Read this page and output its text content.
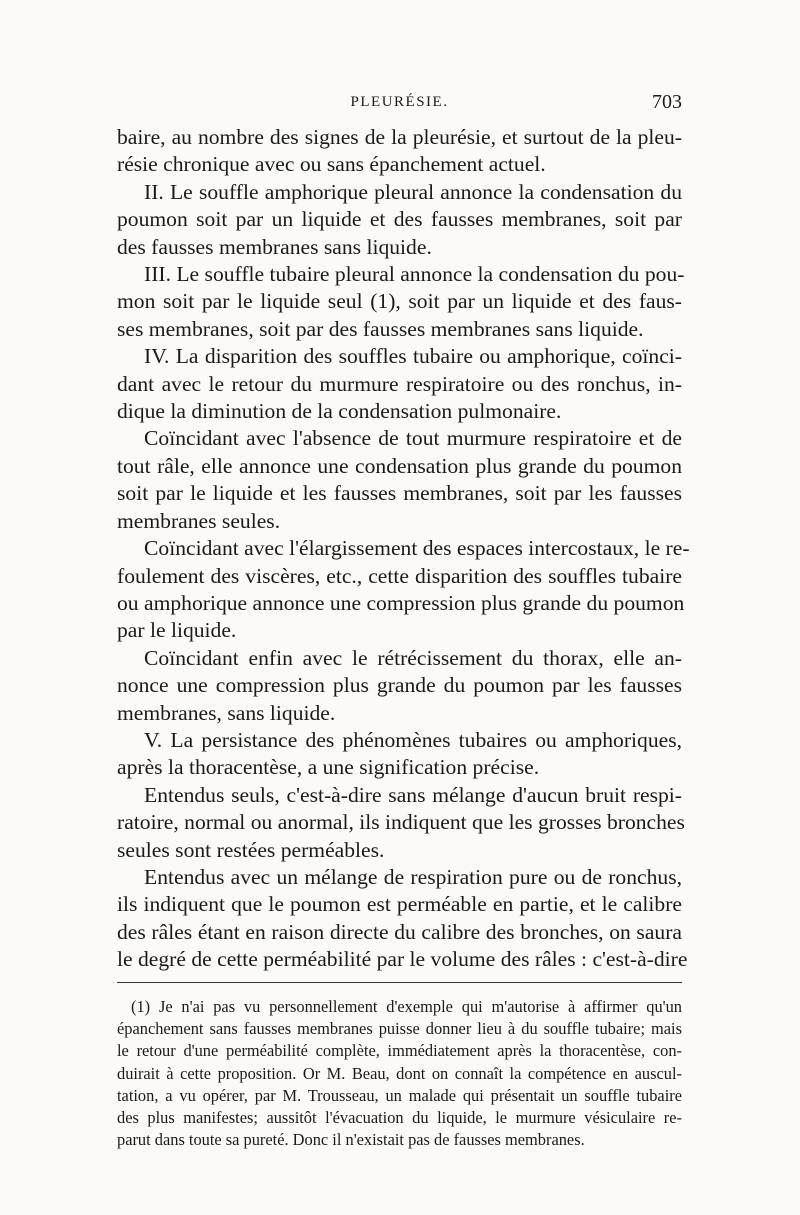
PLEURÉSIE.	703
baire, au nombre des signes de la pleurésie, et surtout de la pleu-
résie chronique avec ou sans épanchement actuel.
II. Le souffle amphorique pleural annonce la condensation du
poumon soit par un liquide et des fausses membranes, soit par
des fausses membranes sans liquide.
III. Le souffle tubaire pleural annonce la condensation du pou-
mon soit par le liquide seul (1), soit par un liquide et des faus-
ses membranes, soit par des fausses membranes sans liquide.
IV. La disparition des souffles tubaire ou amphorique, coïnci-
dant avec le retour du murmure respiratoire ou des ronchus, in-
dique la diminution de la condensation pulmonaire.
Coïncidant avec l'absence de tout murmure respiratoire et de
tout râle, elle annonce une condensation plus grande du poumon
soit par le liquide et les fausses membranes, soit par les fausses
membranes seules.
Coïncidant avec l'élargissement des espaces intercostaux, le re-
foulement des viscères, etc., cette disparition des souffles tubaire
ou amphorique annonce une compression plus grande du poumon
par le liquide.
Coïncidant enfin avec le rétrécissement du thorax, elle an-
nonce une compression plus grande du poumon par les fausses
membranes, sans liquide.
V. La persistance des phénomènes tubaires ou amphoriques,
après la thoracentèse, a une signification précise.
Entendus seuls, c'est-à-dire sans mélange d'aucun bruit respi-
ratoire, normal ou anormal, ils indiquent que les grosses bronches
seules sont restées perméables.
Entendus avec un mélange de respiration pure ou de ronchus,
ils indiquent que le poumon est perméable en partie, et le calibre
des râles étant en raison directe du calibre des bronches, on saura
le degré de cette perméabilité par le volume des râles : c'est-à-dire
(1) Je n'ai pas vu personnellement d'exemple qui m'autorise à affirmer qu'un
épanchement sans fausses membranes puisse donner lieu à du souffle tubaire; mais
le retour d'une perméabilité complète, immédiatement après la thoracentèse, con-
duirait à cette proposition. Or M. Beau, dont on connaît la compétence en auscul-
tation, a vu opérer, par M. Trousseau, un malade qui présentait un souffle tubaire
des plus manifestes; aussitôt l'évacuation du liquide, le murmure vésiculaire re-
parut dans toute sa pureté. Donc il n'existait pas de fausses membranes.
